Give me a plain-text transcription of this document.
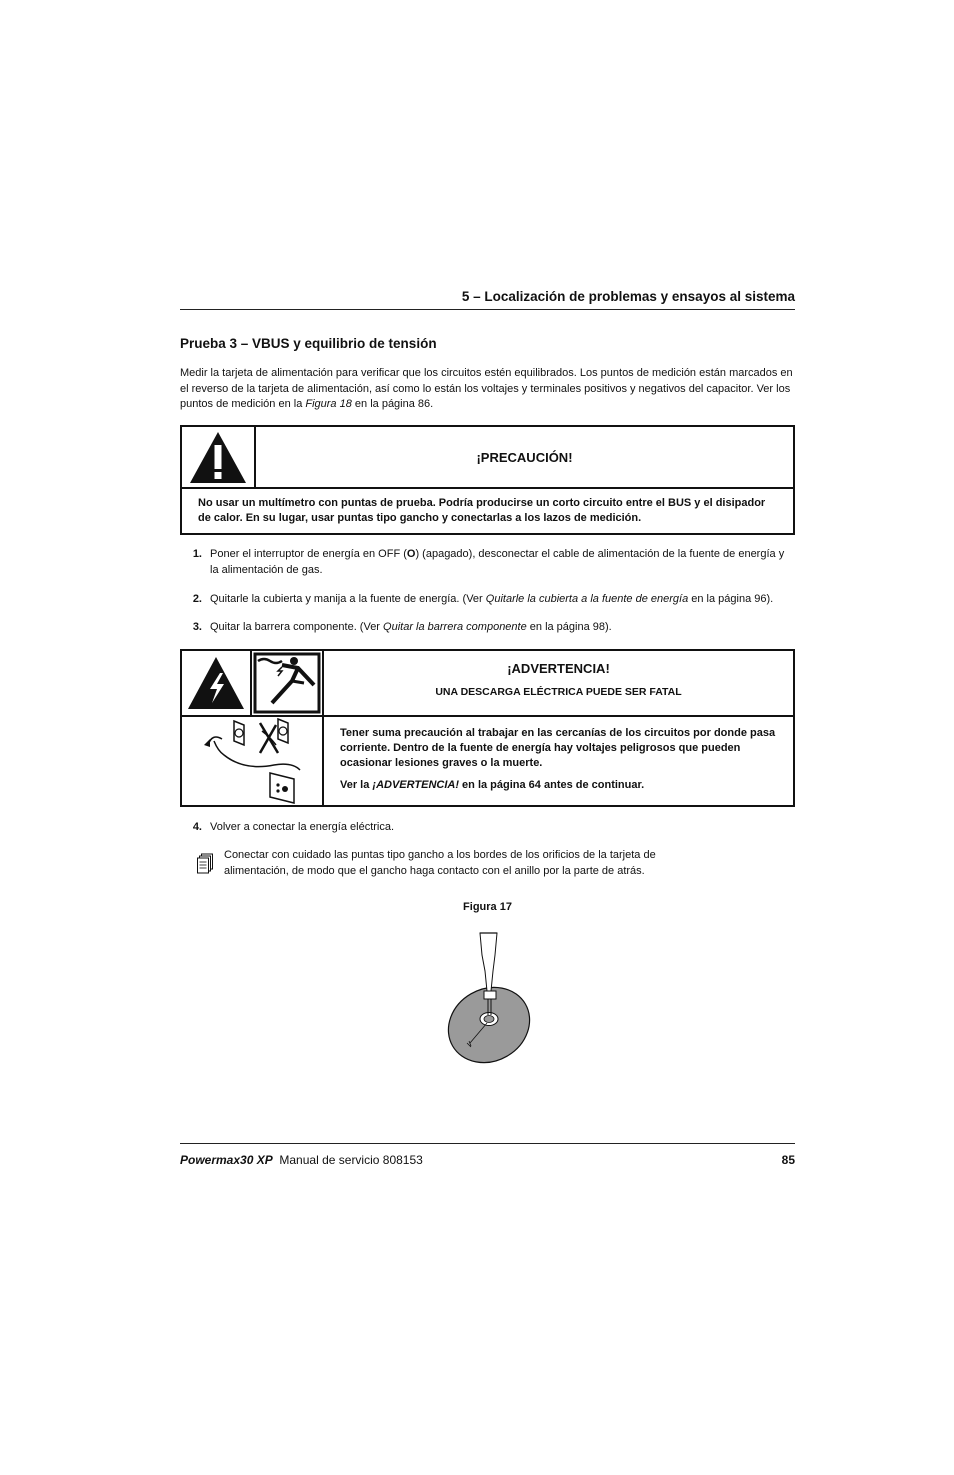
5 – Localización de problemas y ensayos al sistema
Prueba 3 – VBUS y equilibrio de tensión
Medir la tarjeta de alimentación para verificar que los circuitos estén equilibrados. Los puntos de medición están marcados en el reverso de la tarjeta de alimentación, así como lo están los voltajes y terminales positivos y negativos del capacitor. Ver los puntos de medición en la Figura 18 en la página 86.
¡PRECAUCIÓN!
No usar un multímetro con puntas de prueba. Podría producirse un corto circuito entre el BUS y el disipador de calor. En su lugar, usar puntas tipo gancho y conectarlas a los lazos de medición.
1. Poner el interruptor de energía en OFF (O) (apagado), desconectar el cable de alimentación de la fuente de energía y la alimentación de gas.
2. Quitarle la cubierta y manija a la fuente de energía. (Ver Quitarle la cubierta a la fuente de energía en la página 96).
3. Quitar la barrera componente. (Ver Quitar la barrera componente en la página 98).
¡ADVERTENCIA!
UNA DESCARGA ELÉCTRICA PUEDE SER FATAL

Tener suma precaución al trabajar en las cercanías de los circuitos por donde pasa corriente. Dentro de la fuente de energía hay voltajes peligrosos que pueden ocasionar lesiones graves o la muerte.

Ver la ¡ADVERTENCIA! en la página 64 antes de continuar.

4. Volver a conectar la energía eléctrica.
Conectar con cuidado las puntas tipo gancho a los bordes de los orificios de la tarjeta de alimentación, de modo que el gancho haga contacto con el anillo por la parte de atrás.
Figura 17
Powermax30 XP Manual de servicio 808153	85
